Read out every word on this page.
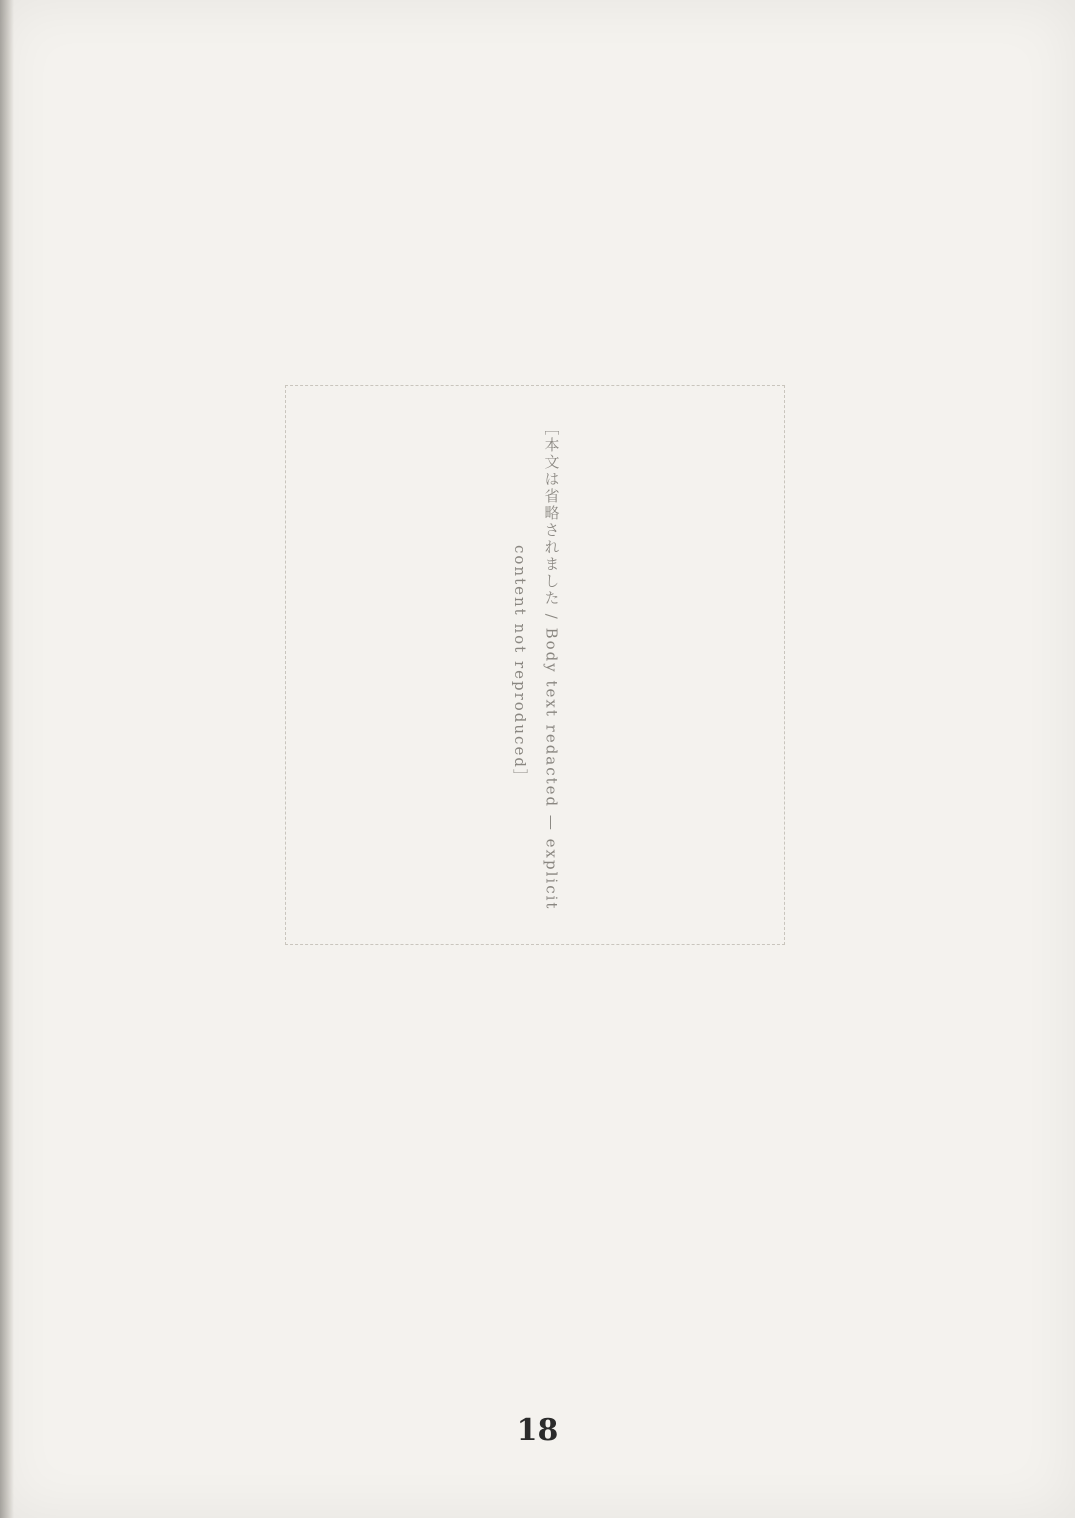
［本文は省略されました / Body text redacted — explicit content not reproduced］
18
